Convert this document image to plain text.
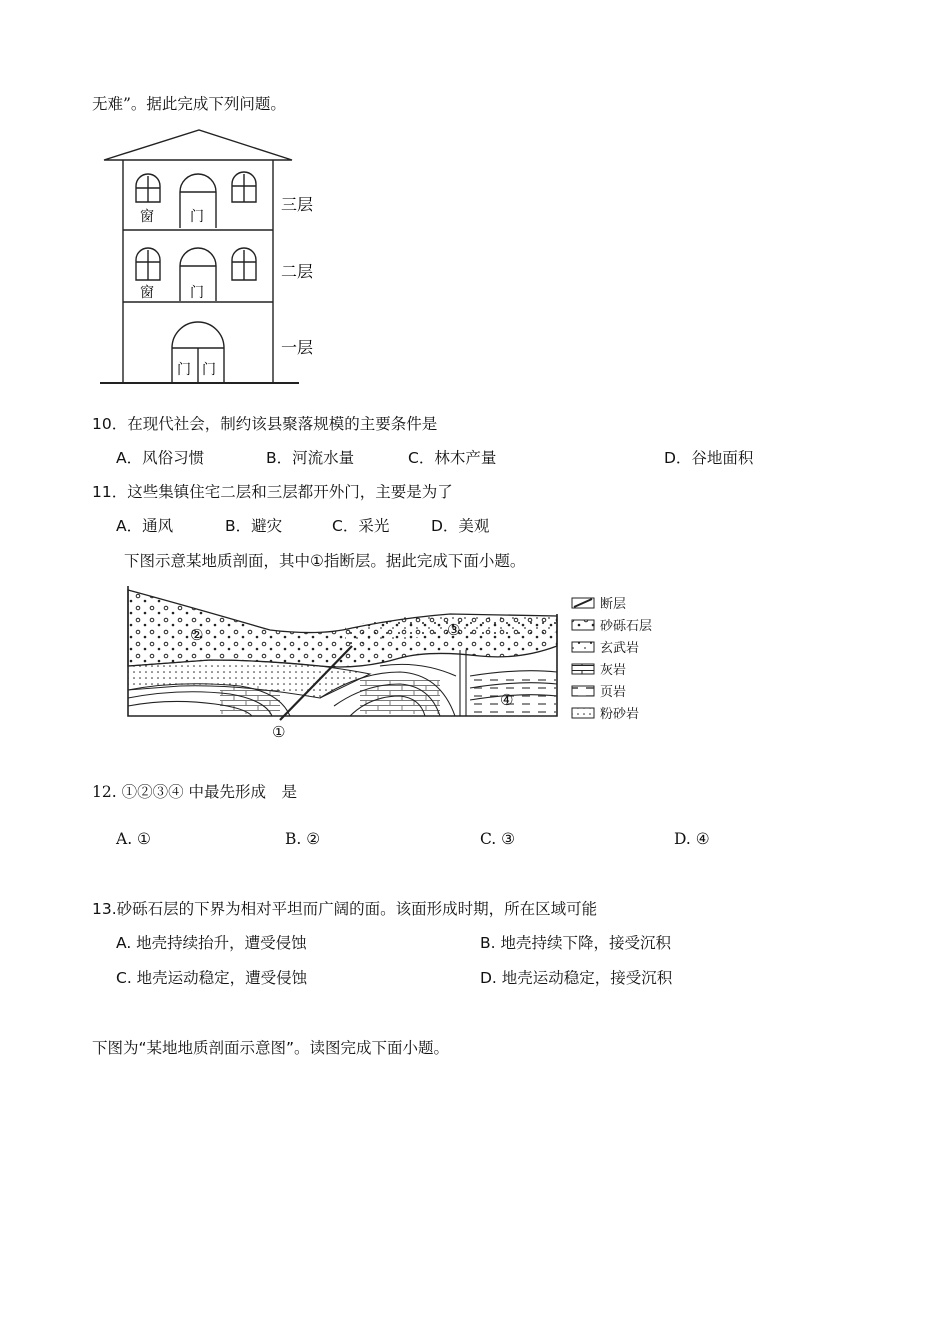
无难”。据此完成下列问题。
窗	门
窗	门
门 门
三层
二层
一层
10．在现代社会，制约该县聚落规模的主要条件是
A．风俗习惯	B．河流水量	C．林木产量	D．谷地面积
11．这些集镇住宅二层和三层都开外门，主要是为了
A．通风	B．避灾	C．采光	D．美观
下图示意某地质剖面，其中①指断层。据此完成下面小题。
①
②	③
④
断层
砂砾石层
玄武岩
灰岩
页岩
粉砂岩
12. ①②③④ 中最先形成　是
A. ①	B. ②	C. ③	D. ④
13.砂砾石层的下界为相对平坦而广阔的面。该面形成时期，所在区域可能
A. 地壳持续抬升，遭受侵蚀	B. 地壳持续下降，接受沉积
C. 地壳运动稳定，遭受侵蚀	D. 地壳运动稳定，接受沉积
下图为“某地地质剖面示意图”。读图完成下面小题。
